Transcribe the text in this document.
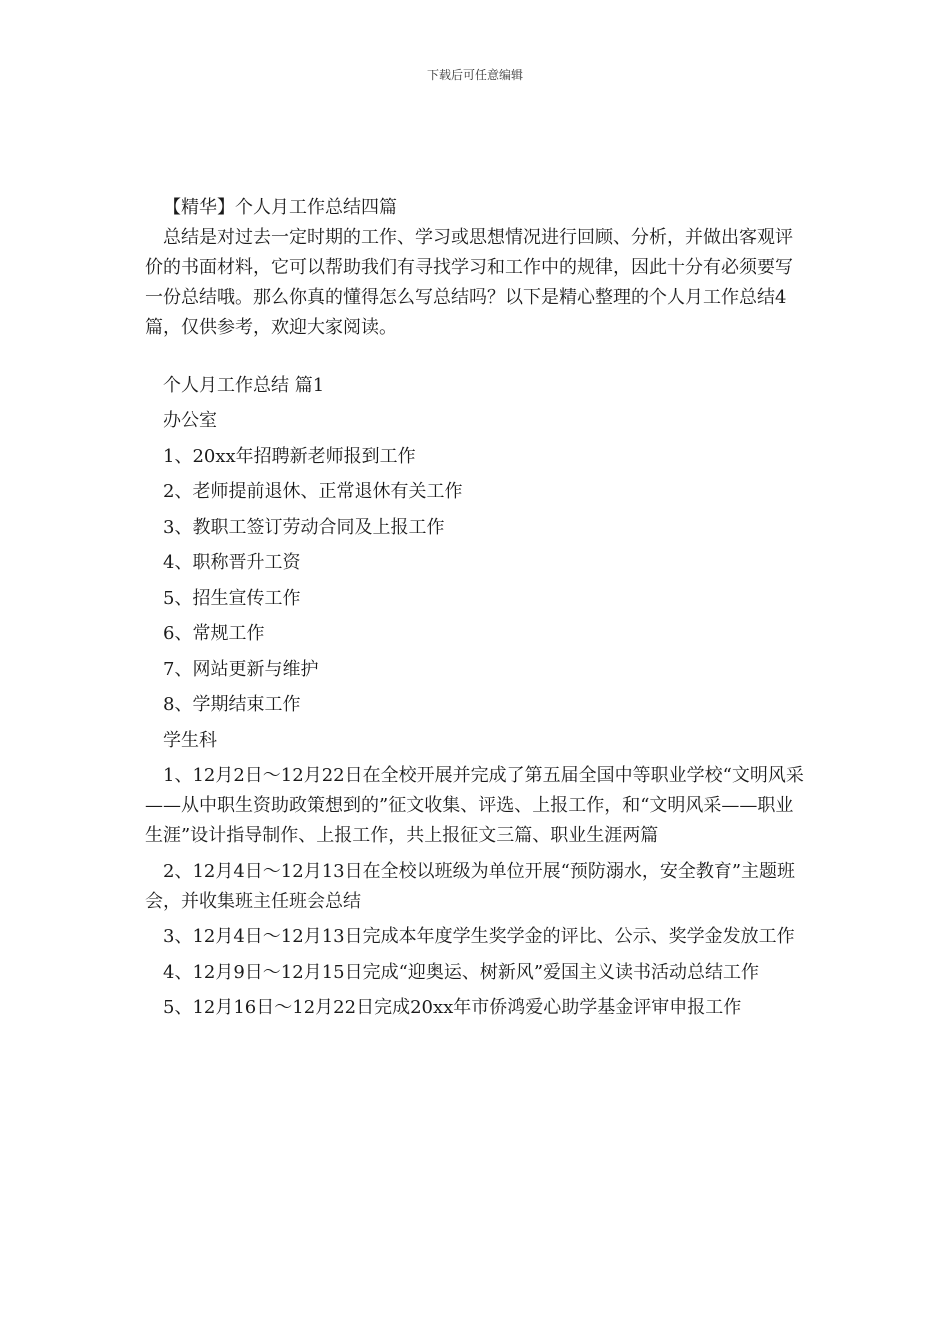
下载后可任意编辑

【精华】个人月工作总结四篇

总结是对过去一定时期的工作、学习或思想情况进行回顾、分析，并做出客观评价的书面材料，它可以帮助我们有寻找学习和工作中的规律，因此十分有必须要写一份总结哦。那么你真的懂得怎么写总结吗？以下是精心整理的个人月工作总结4篇，仅供参考，欢迎大家阅读。

个人月工作总结 篇1

办公室

1、20xx年招聘新老师报到工作

2、老师提前退休、正常退休有关工作

3、教职工签订劳动合同及上报工作

4、职称晋升工资

5、招生宣传工作

6、常规工作

7、网站更新与维护

8、学期结束工作

学生科

1、12月2日～12月22日在全校开展并完成了第五届全国中等职业学校“文明风采——从中职生资助政策想到的”征文收集、评选、上报工作，和“文明风采——职业生涯”设计指导制作、上报工作，共上报征文三篇、职业生涯两篇

2、12月4日～12月13日在全校以班级为单位开展“预防溺水，安全教育”主题班会，并收集班主任班会总结

3、12月4日～12月13日完成本年度学生奖学金的评比、公示、奖学金发放工作

4、12月9日～12月15日完成“迎奥运、树新风”爱国主义读书活动总结工作

5、12月16日～12月22日完成20xx年市侨鸿爱心助学基金评审申报工作
